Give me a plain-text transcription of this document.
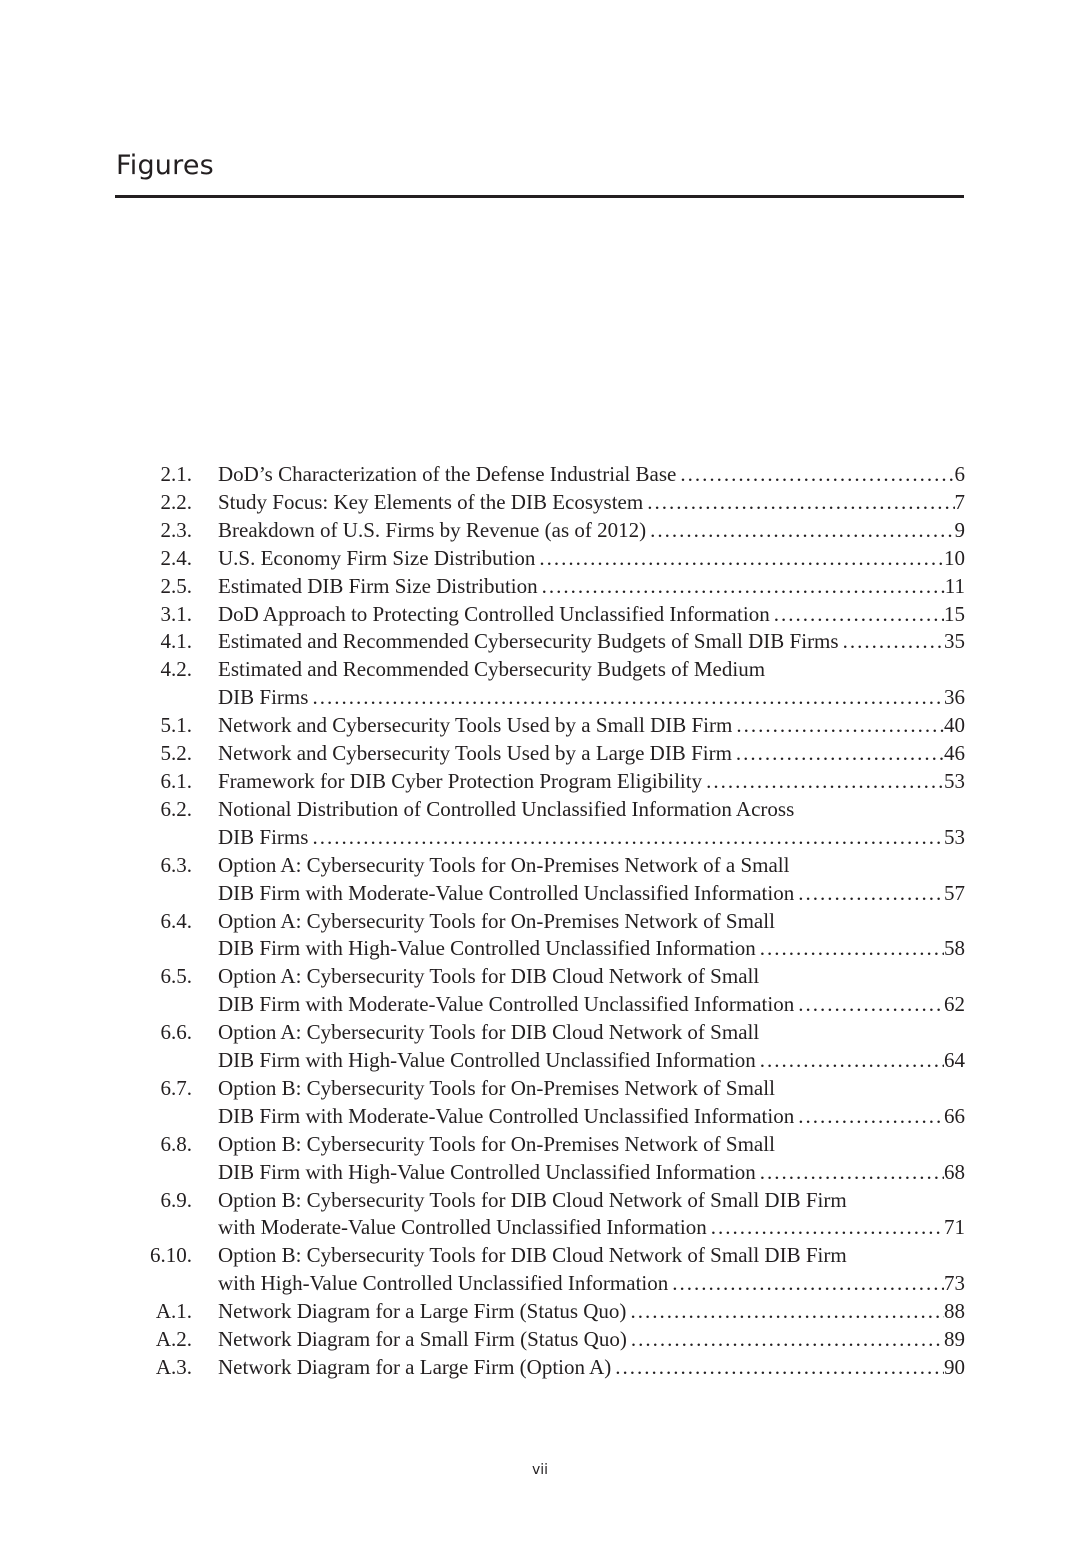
Figures
2.1.	DoD’s Characterization of the Defense Industrial Base .....	6
2.2.	Study Focus: Key Elements of the DIB Ecosystem .....	7
2.3.	Breakdown of U.S. Firms by Revenue (as of 2012) .....	9
2.4.	U.S. Economy Firm Size Distribution .....	10
2.5.	Estimated DIB Firm Size Distribution .....	11
3.1.	DoD Approach to Protecting Controlled Unclassified Information .....	15
4.1.	Estimated and Recommended Cybersecurity Budgets of Small DIB Firms .....	35
4.2.	Estimated and Recommended Cybersecurity Budgets of Medium
DIB Firms .....	36
5.1.	Network and Cybersecurity Tools Used by a Small DIB Firm .....	40
5.2.	Network and Cybersecurity Tools Used by a Large DIB Firm .....	46
6.1.	Framework for DIB Cyber Protection Program Eligibility .....	53
6.2.	Notional Distribution of Controlled Unclassified Information Across
DIB Firms .....	53
6.3.	Option A: Cybersecurity Tools for On-Premises Network of a Small
DIB Firm with Moderate-Value Controlled Unclassified Information .....	57
6.4.	Option A: Cybersecurity Tools for On-Premises Network of Small
DIB Firm with High-Value Controlled Unclassified Information .....	58
6.5.	Option A: Cybersecurity Tools for DIB Cloud Network of Small
DIB Firm with Moderate-Value Controlled Unclassified Information .....	62
6.6.	Option A: Cybersecurity Tools for DIB Cloud Network of Small
DIB Firm with High-Value Controlled Unclassified Information .....	64
6.7.	Option B: Cybersecurity Tools for On-Premises Network of Small
DIB Firm with Moderate-Value Controlled Unclassified Information .....	66
6.8.	Option B: Cybersecurity Tools for On-Premises Network of Small
DIB Firm with High-Value Controlled Unclassified Information .....	68
6.9.	Option B: Cybersecurity Tools for DIB Cloud Network of Small DIB Firm
with Moderate-Value Controlled Unclassified Information .....	71
6.10.	Option B: Cybersecurity Tools for DIB Cloud Network of Small DIB Firm
with High-Value Controlled Unclassified Information .....	73
A.1.	Network Diagram for a Large Firm (Status Quo) .....	88
A.2.	Network Diagram for a Small Firm (Status Quo) .....	89
A.3.	Network Diagram for a Large Firm (Option A) .....	90

vii
